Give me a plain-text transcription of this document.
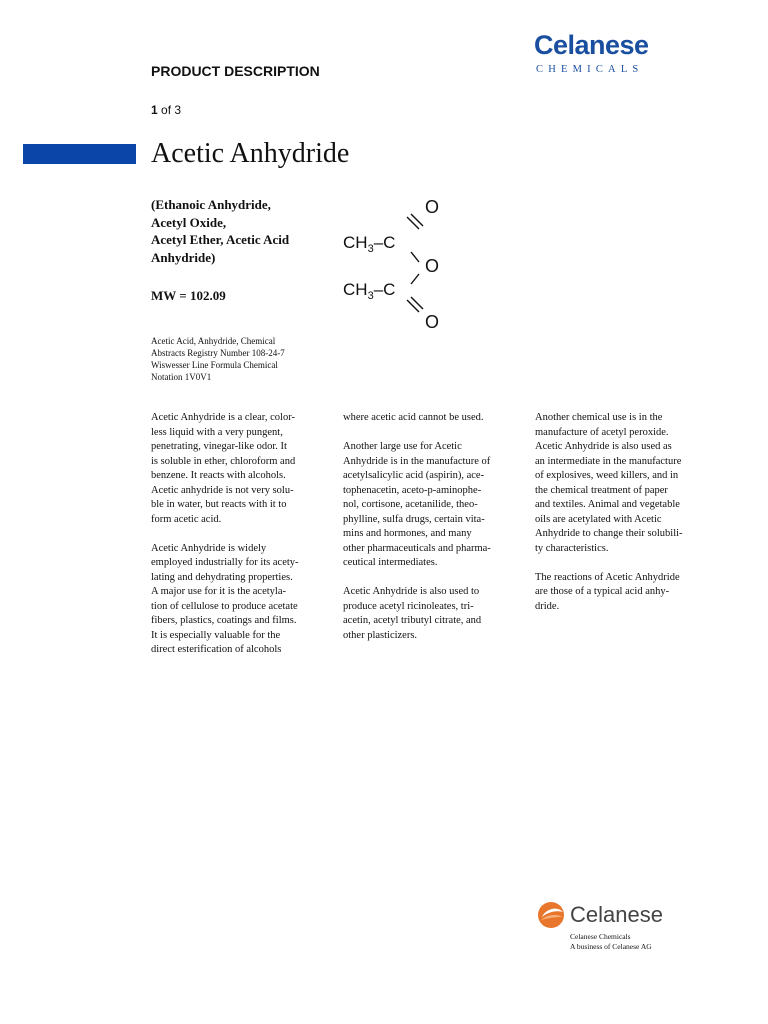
Celanese
CHEMICALS
PRODUCT DESCRIPTION
1 of 3
Acetic Anhydride
(Ethanoic Anhydride,
Acetyl Oxide,
Acetyl Ether, Acetic Acid
Anhydride)
MW = 102.09
Acetic Acid, Anhydride, Chemical
Abstracts Registry Number 108-24-7
Wiswesser Line Formula Chemical
Notation 1V0V1
O
$CH_3-C$
O
$CH_3-C$
O

Acetic Anhydride is a clear, color-
less liquid with a very pungent,
penetrating, vinegar-like odor. It
is soluble in ether, chloroform and
benzene. It reacts with alcohols.
Acetic anhydride is not very solu-
ble in water, but reacts with it to
form acetic acid.

Acetic Anhydride is widely
employed industrially for its acety-
lating and dehydrating properties.
A major use for it is the acetyla-
tion of cellulose to produce acetate
fibers, plastics, coatings and films.
It is especially valuable for the
direct esterification of alcohols

where acetic acid cannot be used.

Another large use for Acetic
Anhydride is in the manufacture of
acetylsalicylic acid (aspirin), ace-
tophenacetin, aceto-p-aminophe-
nol, cortisone, acetanilide, theo-
phylline, sulfa drugs, certain vita-
mins and hormones, and many
other pharmaceuticals and pharma-
ceutical intermediates.

Acetic Anhydride is also used to
produce acetyl ricinoleates, tri-
acetin, acetyl tributyl citrate, and
other plasticizers.

Another chemical use is in the
manufacture of acetyl peroxide.
Acetic Anhydride is also used as
an intermediate in the manufacture
of explosives, weed killers, and in
the chemical treatment of paper
and textiles. Animal and vegetable
oils are acetylated with Acetic
Anhydride to change their solubili-
ty characteristics.

The reactions of Acetic Anhydride
are those of a typical acid anhy-
dride.

Celanese
Celanese Chemicals
A business of Celanese AG
